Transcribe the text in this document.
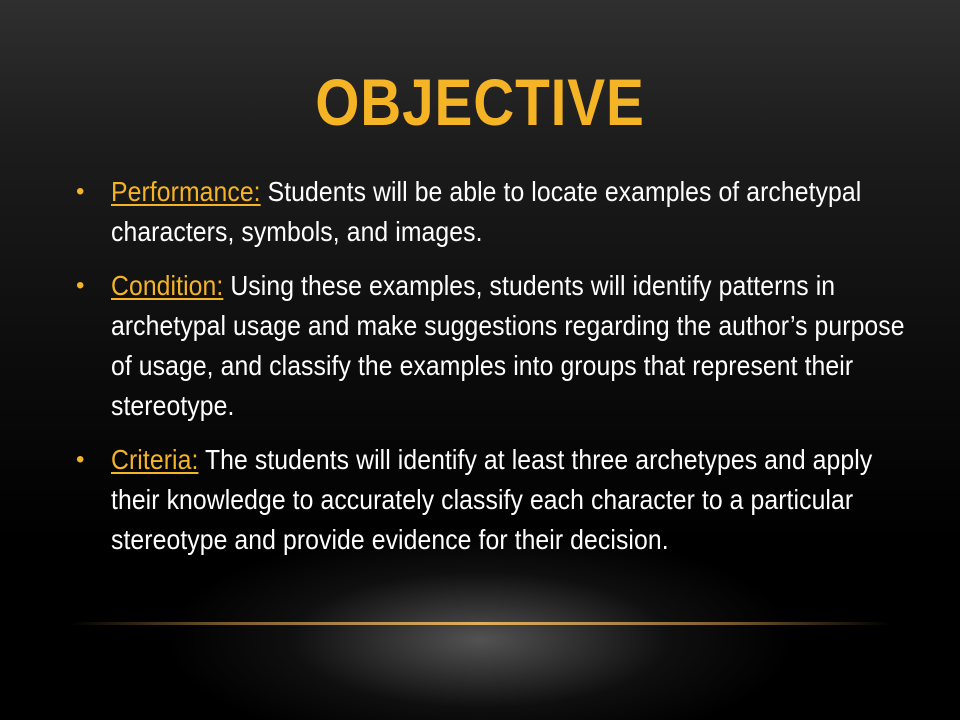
OBJECTIVE
• Performance: Students will be able to locate examples of archetypal characters, symbols, and images.
• Condition: Using these examples, students will identify patterns in archetypal usage and make suggestions regarding the author’s purpose of usage, and classify the examples into groups that represent their stereotype.
• Criteria: The students will identify at least three archetypes and apply their knowledge to accurately classify each character to a particular stereotype and provide evidence for their decision.
